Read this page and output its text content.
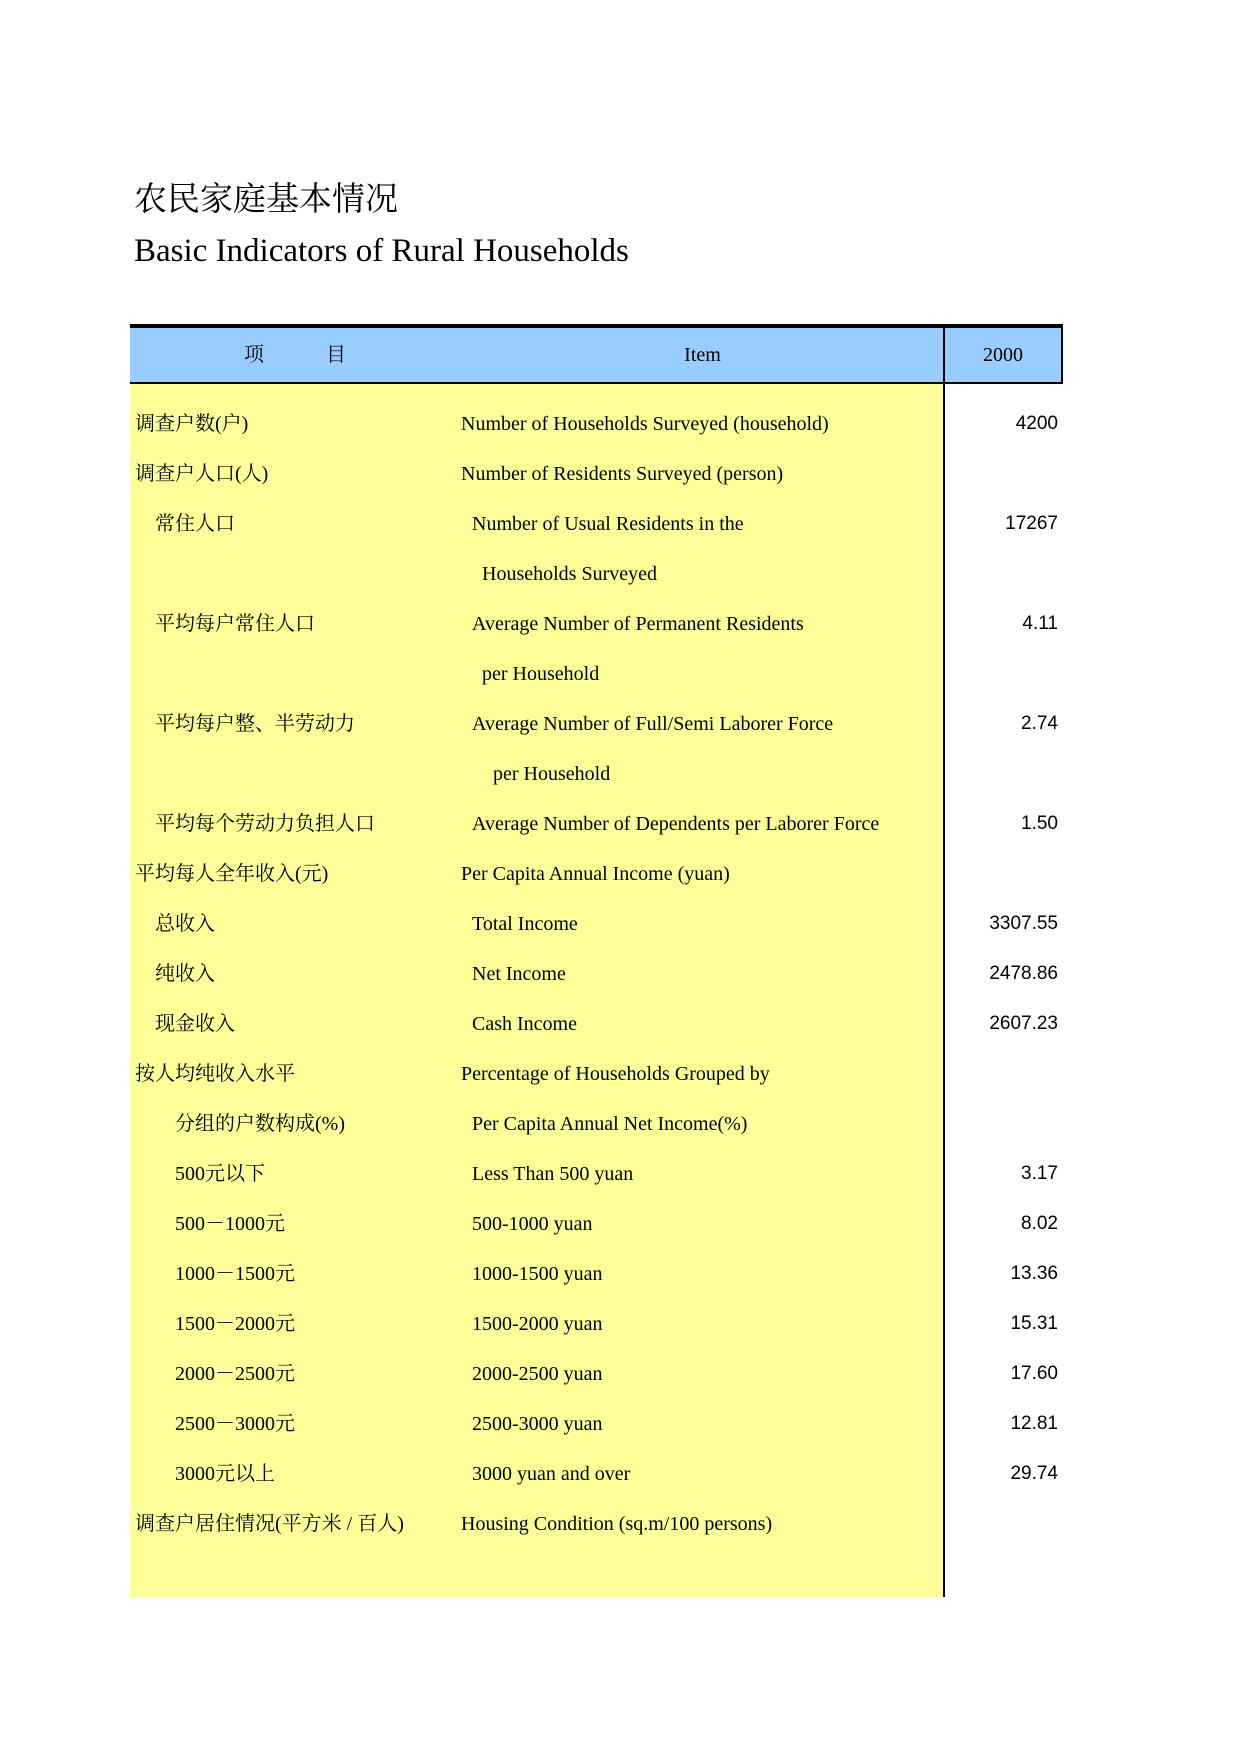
农民家庭基本情况
Basic Indicators of Rural Households
项	目	Item	2000
调查户数(户)	Number of Households Surveyed (household)	4200
调查户人口(人)	Number of Residents Surveyed (person)
常住人口	Number of Usual Residents in the	17267
Households Surveyed
平均每户常住人口	Average Number of Permanent Residents	4.11
per Household
平均每户整、半劳动力	Average Number of Full/Semi Laborer Force	2.74
per Household
平均每个劳动力负担人口	Average Number of Dependents per Laborer Force	1.50
平均每人全年收入(元)	Per Capita Annual Income (yuan)
总收入	Total Income	3307.55
纯收入	Net Income	2478.86
现金收入	Cash Income	2607.23
按人均纯收入水平	Percentage of Households Grouped by
分组的户数构成(%)	Per Capita Annual Net Income(%)
500元以下	Less Than 500 yuan	3.17
500－1000元	500-1000 yuan	8.02
1000－1500元	1000-1500 yuan	13.36
1500－2000元	1500-2000 yuan	15.31
2000－2500元	2000-2500 yuan	17.60
2500－3000元	2500-3000 yuan	12.81
3000元以上	3000 yuan and over	29.74
调查户居住情况(平方米 / 百人)	Housing Condition (sq.m/100 persons)
